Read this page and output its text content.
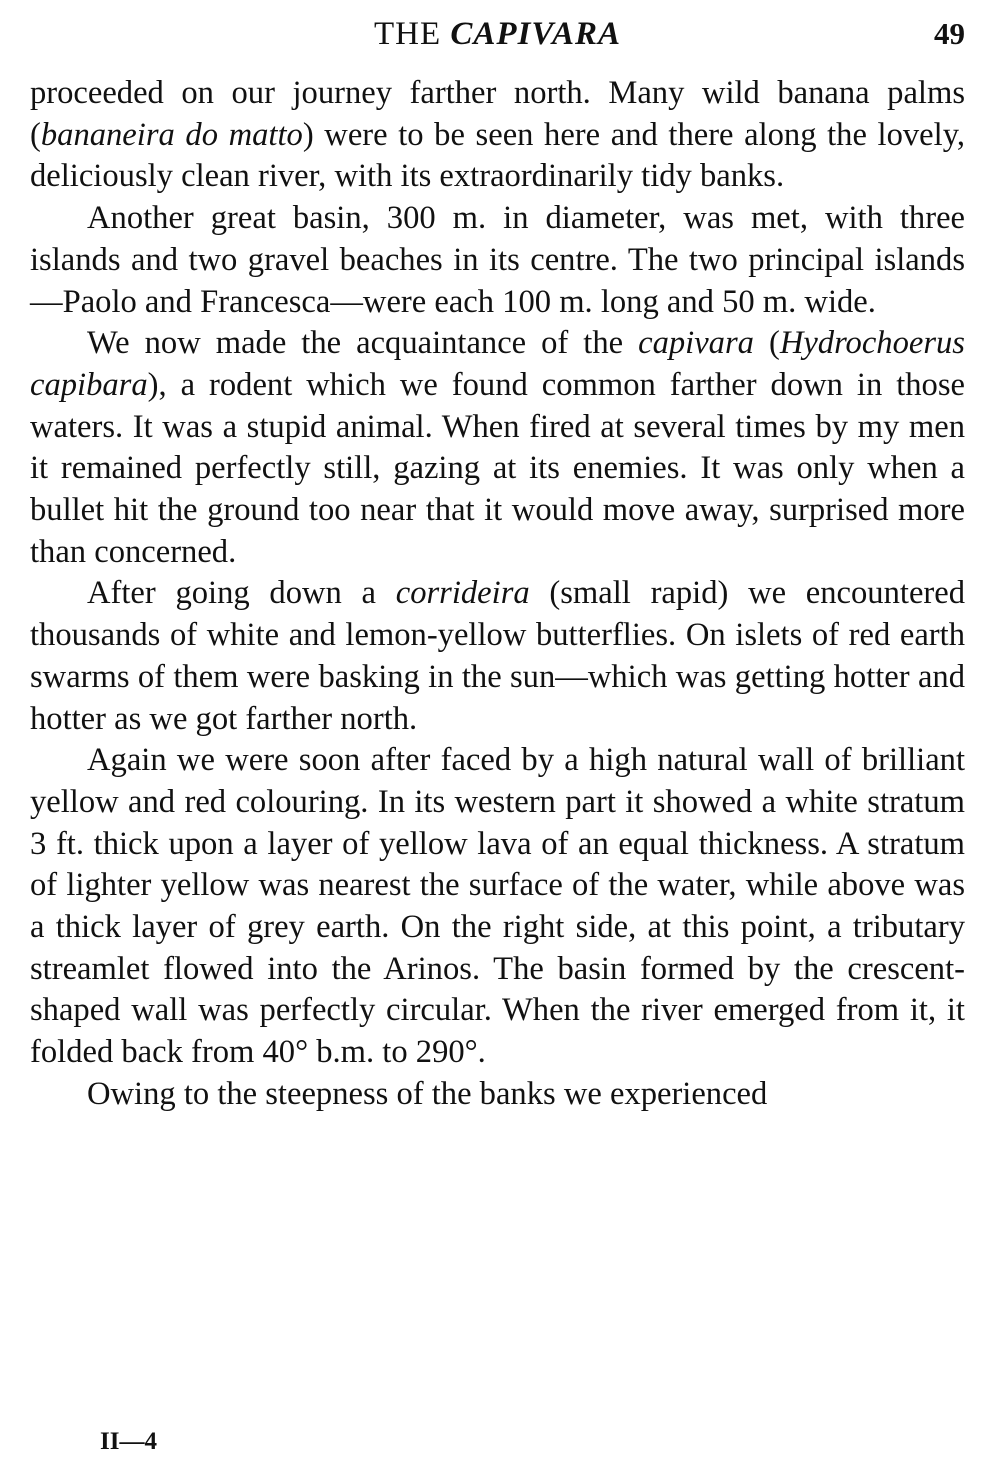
THE CAPIVARA	49

proceeded on our journey farther north. Many wild banana palms (bananeira do matto) were to be seen here and there along the lovely, deliciously clean river, with its extraordinarily tidy banks.

Another great basin, 300 m. in diameter, was met, with three islands and two gravel beaches in its centre. The two principal islands—Paolo and Francesca—were each 100 m. long and 50 m. wide.

We now made the acquaintance of the capivara (Hydrochoerus capibara), a rodent which we found common farther down in those waters. It was a stupid animal. When fired at several times by my men it remained perfectly still, gazing at its enemies. It was only when a bullet hit the ground too near that it would move away, surprised more than concerned.

After going down a corrideira (small rapid) we encountered thousands of white and lemon-yellow butterflies. On islets of red earth swarms of them were basking in the sun—which was getting hotter and hotter as we got farther north.

Again we were soon after faced by a high natural wall of brilliant yellow and red colouring. In its western part it showed a white stratum 3 ft. thick upon a layer of yellow lava of an equal thickness. A stratum of lighter yellow was nearest the surface of the water, while above was a thick layer of grey earth. On the right side, at this point, a tributary streamlet flowed into the Arinos. The basin formed by the crescent-shaped wall was perfectly circular. When the river emerged from it, it folded back from 40° b.m. to 290°.

Owing to the steepness of the banks we experienced

II—4
